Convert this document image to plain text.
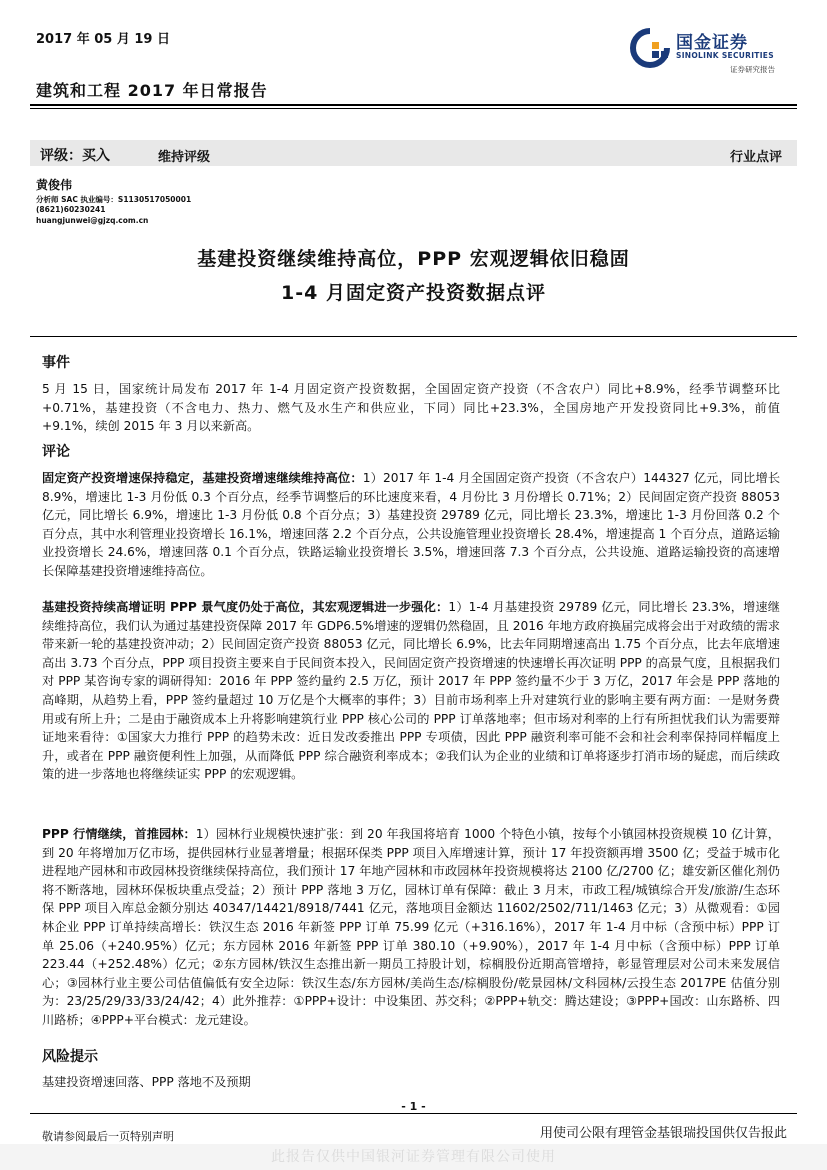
2017 年 05 月 19 日
建筑和工程 2017 年日常报告
国金证券
SINOLINK SECURITIES
证券研究报告
评级：买入	维持评级	行业点评
黄俊伟
分析师 SAC 执业编号：S1130517050001
(8621)60230241
huangjunwei@gjzq.com.cn
基建投资继续维持高位，PPP 宏观逻辑依旧稳固
1-4 月固定资产投资数据点评
事件
5 月 15 日，国家统计局发布 2017 年 1-4 月固定资产投资数据，全国固定资产投资（不含农户）同比+8.9%，经季节调整环比+0.71%，基建投资（不含电力、热力、燃气及水生产和供应业，下同）同比+23.3%，全国房地产开发投资同比+9.3%，前值+9.1%，续创 2015 年 3 月以来新高。
评论
固定资产投资增速保持稳定，基建投资增速继续维持高位：1）2017 年 1-4 月全国固定资产投资（不含农户）144327 亿元，同比增长 8.9%，增速比 1-3 月份低 0.3 个百分点，经季节调整后的环比速度来看，4 月份比 3 月份增长 0.71%；2）民间固定资产投资 88053 亿元，同比增长 6.9%，增速比 1-3 月份低 0.8 个百分点；3）基建投资 29789 亿元，同比增长 23.3%，增速比 1-3 月份回落 0.2 个百分点，其中水利管理业投资增长 16.1%，增速回落 2.2 个百分点，公共设施管理业投资增长 28.4%，增速提高 1 个百分点，道路运输业投资增长 24.6%，增速回落 0.1 个百分点，铁路运输业投资增长 3.5%，增速回落 7.3 个百分点，公共设施、道路运输投资的高速增长保障基建投资增速维持高位。
基建投资持续高增证明 PPP 景气度仍处于高位，其宏观逻辑进一步强化：1）1-4 月基建投资 29789 亿元，同比增长 23.3%，增速继续维持高位，我们认为通过基建投资保障 2017 年 GDP6.5%增速的逻辑仍然稳固，且 2016 年地方政府换届完成将会出于对政绩的需求带来新一轮的基建投资冲动；2）民间固定资产投资 88053 亿元，同比增长 6.9%，比去年同期增速高出 1.75 个百分点，比去年底增速高出 3.73 个百分点，PPP 项目投资主要来自于民间资本投入，民间固定资产投资增速的快速增长再次证明 PPP 的高景气度，且根据我们对 PPP 某咨询专家的调研得知：2016 年 PPP 签约量约 2.5 万亿，预计 2017 年 PPP 签约量不少于 3 万亿，2017 年会是 PPP 落地的高峰期，从趋势上看，PPP 签约量超过 10 万亿是个大概率的事件；3）目前市场利率上升对建筑行业的影响主要有两方面：一是财务费用或有所上升；二是由于融资成本上升将影响建筑行业 PPP 核心公司的 PPP 订单落地率；但市场对利率的上行有所担忧我们认为需要辩证地来看待：①国家大力推行 PPP 的趋势未改：近日发改委推出 PPP 专项债，因此 PPP 融资利率可能不会和社会利率保持同样幅度上升，或者在 PPP 融资便利性上加强，从而降低 PPP 综合融资利率成本；②我们认为企业的业绩和订单将逐步打消市场的疑虑，而后续政策的进一步落地也将继续证实 PPP 的宏观逻辑。
PPP 行情继续，首推园林：1）园林行业规模快速扩张：到 20 年我国将培育 1000 个特色小镇，按每个小镇园林投资规模 10 亿计算，到 20 年将增加万亿市场，提供园林行业显著增量；根据环保类 PPP 项目入库增速计算，预计 17 年投资额再增 3500 亿；受益于城市化进程地产园林和市政园林投资继续保持高位，我们预计 17 年地产园林和市政园林年投资规模将达 2100 亿/2700 亿；雄安新区催化剂仍将不断落地，园林环保板块重点受益；2）预计 PPP 落地 3 万亿，园林订单有保障：截止 3 月末，市政工程/城镇综合开发/旅游/生态环保 PPP 项目入库总金额分别达 40347/14421/8918/7441 亿元，落地项目金额达 11602/2502/711/1463 亿元；3）从微观看：①园林企业 PPP 订单持续高增长：铁汉生态 2016 年新签 PPP 订单 75.99 亿元（+316.16%），2017 年 1-4 月中标（含预中标）PPP 订单 25.06（+240.95%）亿元；东方园林 2016 年新签 PPP 订单 380.10（+9.90%），2017 年 1-4 月中标（含预中标）PPP 订单 223.44（+252.48%）亿元；②东方园林/铁汉生态推出新一期员工持股计划，棕榈股份近期高管增持，彰显管理层对公司未来发展信心；③园林行业主要公司估值偏低有安全边际：铁汉生态/东方园林/美尚生态/棕榈股份/乾景园林/文科园林/云投生态 2017PE 估值分别为：23/25/29/33/33/24/42；4）此外推荐：①PPP+设计：中设集团、苏交科；②PPP+轨交：腾达建设；③PPP+国改：山东路桥、四川路桥；④PPP+平台模式：龙元建设。
风险提示
基建投资增速回落、PPP 落地不及预期
- 1 -
敬请参阅最后一页特别声明	用使司公限有理管金基银瑞投国供仅告报此
此报告仅供中国银河证券管理有限公司使用
